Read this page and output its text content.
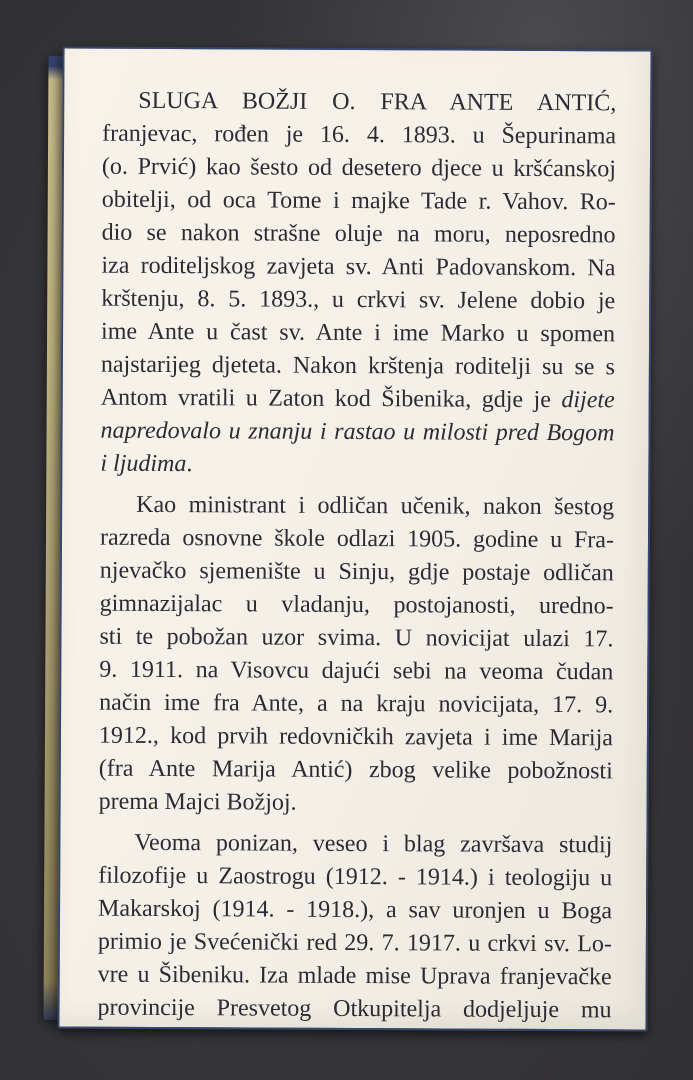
SLUGA BOŽJI O. FRA ANTE ANTIĆ,
franjevac, rođen je 16. 4. 1893. u Šepurinama
(o. Prvić) kao šesto od desetero djece u kršćanskoj
obitelji, od oca Tome i majke Tade r. Vahov. Ro-
dio se nakon strašne oluje na moru, neposredno
iza roditeljskog zavjeta sv. Anti Padovanskom. Na
krštenju, 8. 5. 1893., u crkvi sv. Jelene dobio je
ime Ante u čast sv. Ante i ime Marko u spomen
najstarijeg djeteta. Nakon krštenja roditelji su se s
Antom vratili u Zaton kod Šibenika, gdje je dijete
napredovalo u znanju i rastao u milosti pred Bogom
i ljudima.
Kao ministrant i odličan učenik, nakon šestog
razreda osnovne škole odlazi 1905. godine u Fra-
njevačko sjemenište u Sinju, gdje postaje odličan
gimnazijalac u vladanju, postojanosti, uredno-
sti te pobožan uzor svima. U novicijat ulazi 17.
9. 1911. na Visovcu dajući sebi na veoma čudan
način ime fra Ante, a na kraju novicijata, 17. 9.
1912., kod prvih redovničkih zavjeta i ime Marija
(fra Ante Marija Antić) zbog velike pobožnosti
prema Majci Božjoj.
Veoma ponizan, veseo i blag završava studij
filozofije u Zaostrogu (1912. - 1914.) i teologiju u
Makarskoj (1914. - 1918.), a sav uronjen u Boga
primio je Svećenički red 29. 7. 1917. u crkvi sv. Lo-
vre u Šibeniku. Iza mlade mise Uprava franjevačke
provincije Presvetog Otkupitelja dodjeljuje mu
